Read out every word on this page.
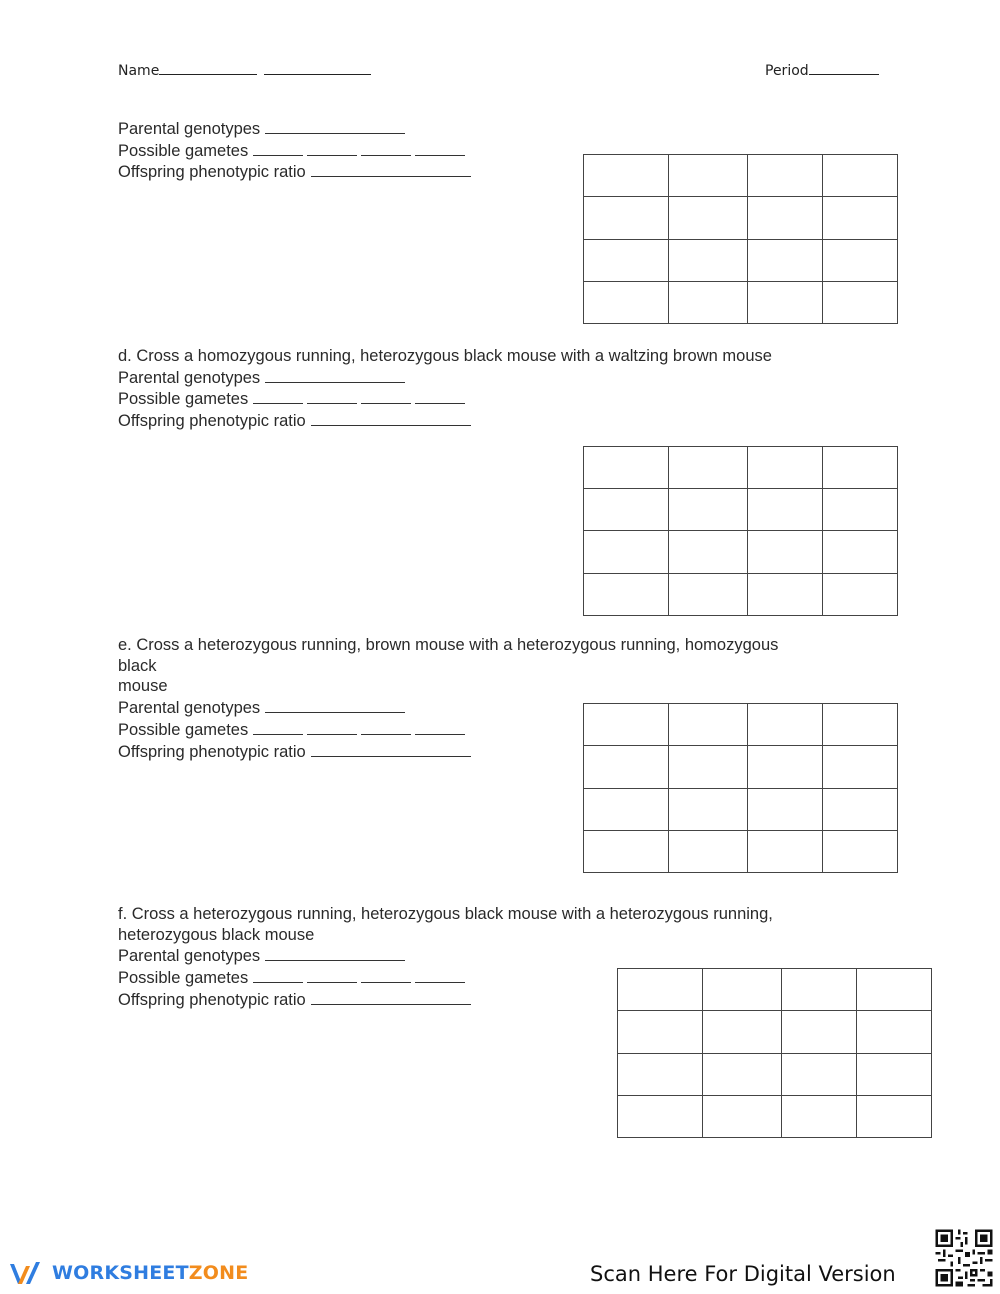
Name	Period
Parental genotypes
Possible gametes
Offspring phenotypic ratio

d. Cross a homozygous running, heterozygous black mouse with a waltzing brown mouse
Parental genotypes
Possible gametes
Offspring phenotypic ratio

e. Cross a heterozygous running, brown mouse with a heterozygous running, homozygous
black
mouse
Parental genotypes
Possible gametes
Offspring phenotypic ratio

f. Cross a heterozygous running, heterozygous black mouse with a heterozygous running,
heterozygous black mouse
Parental genotypes
Possible gametes
Offspring phenotypic ratio

WORKSHEETZONE	Scan Here For Digital Version
